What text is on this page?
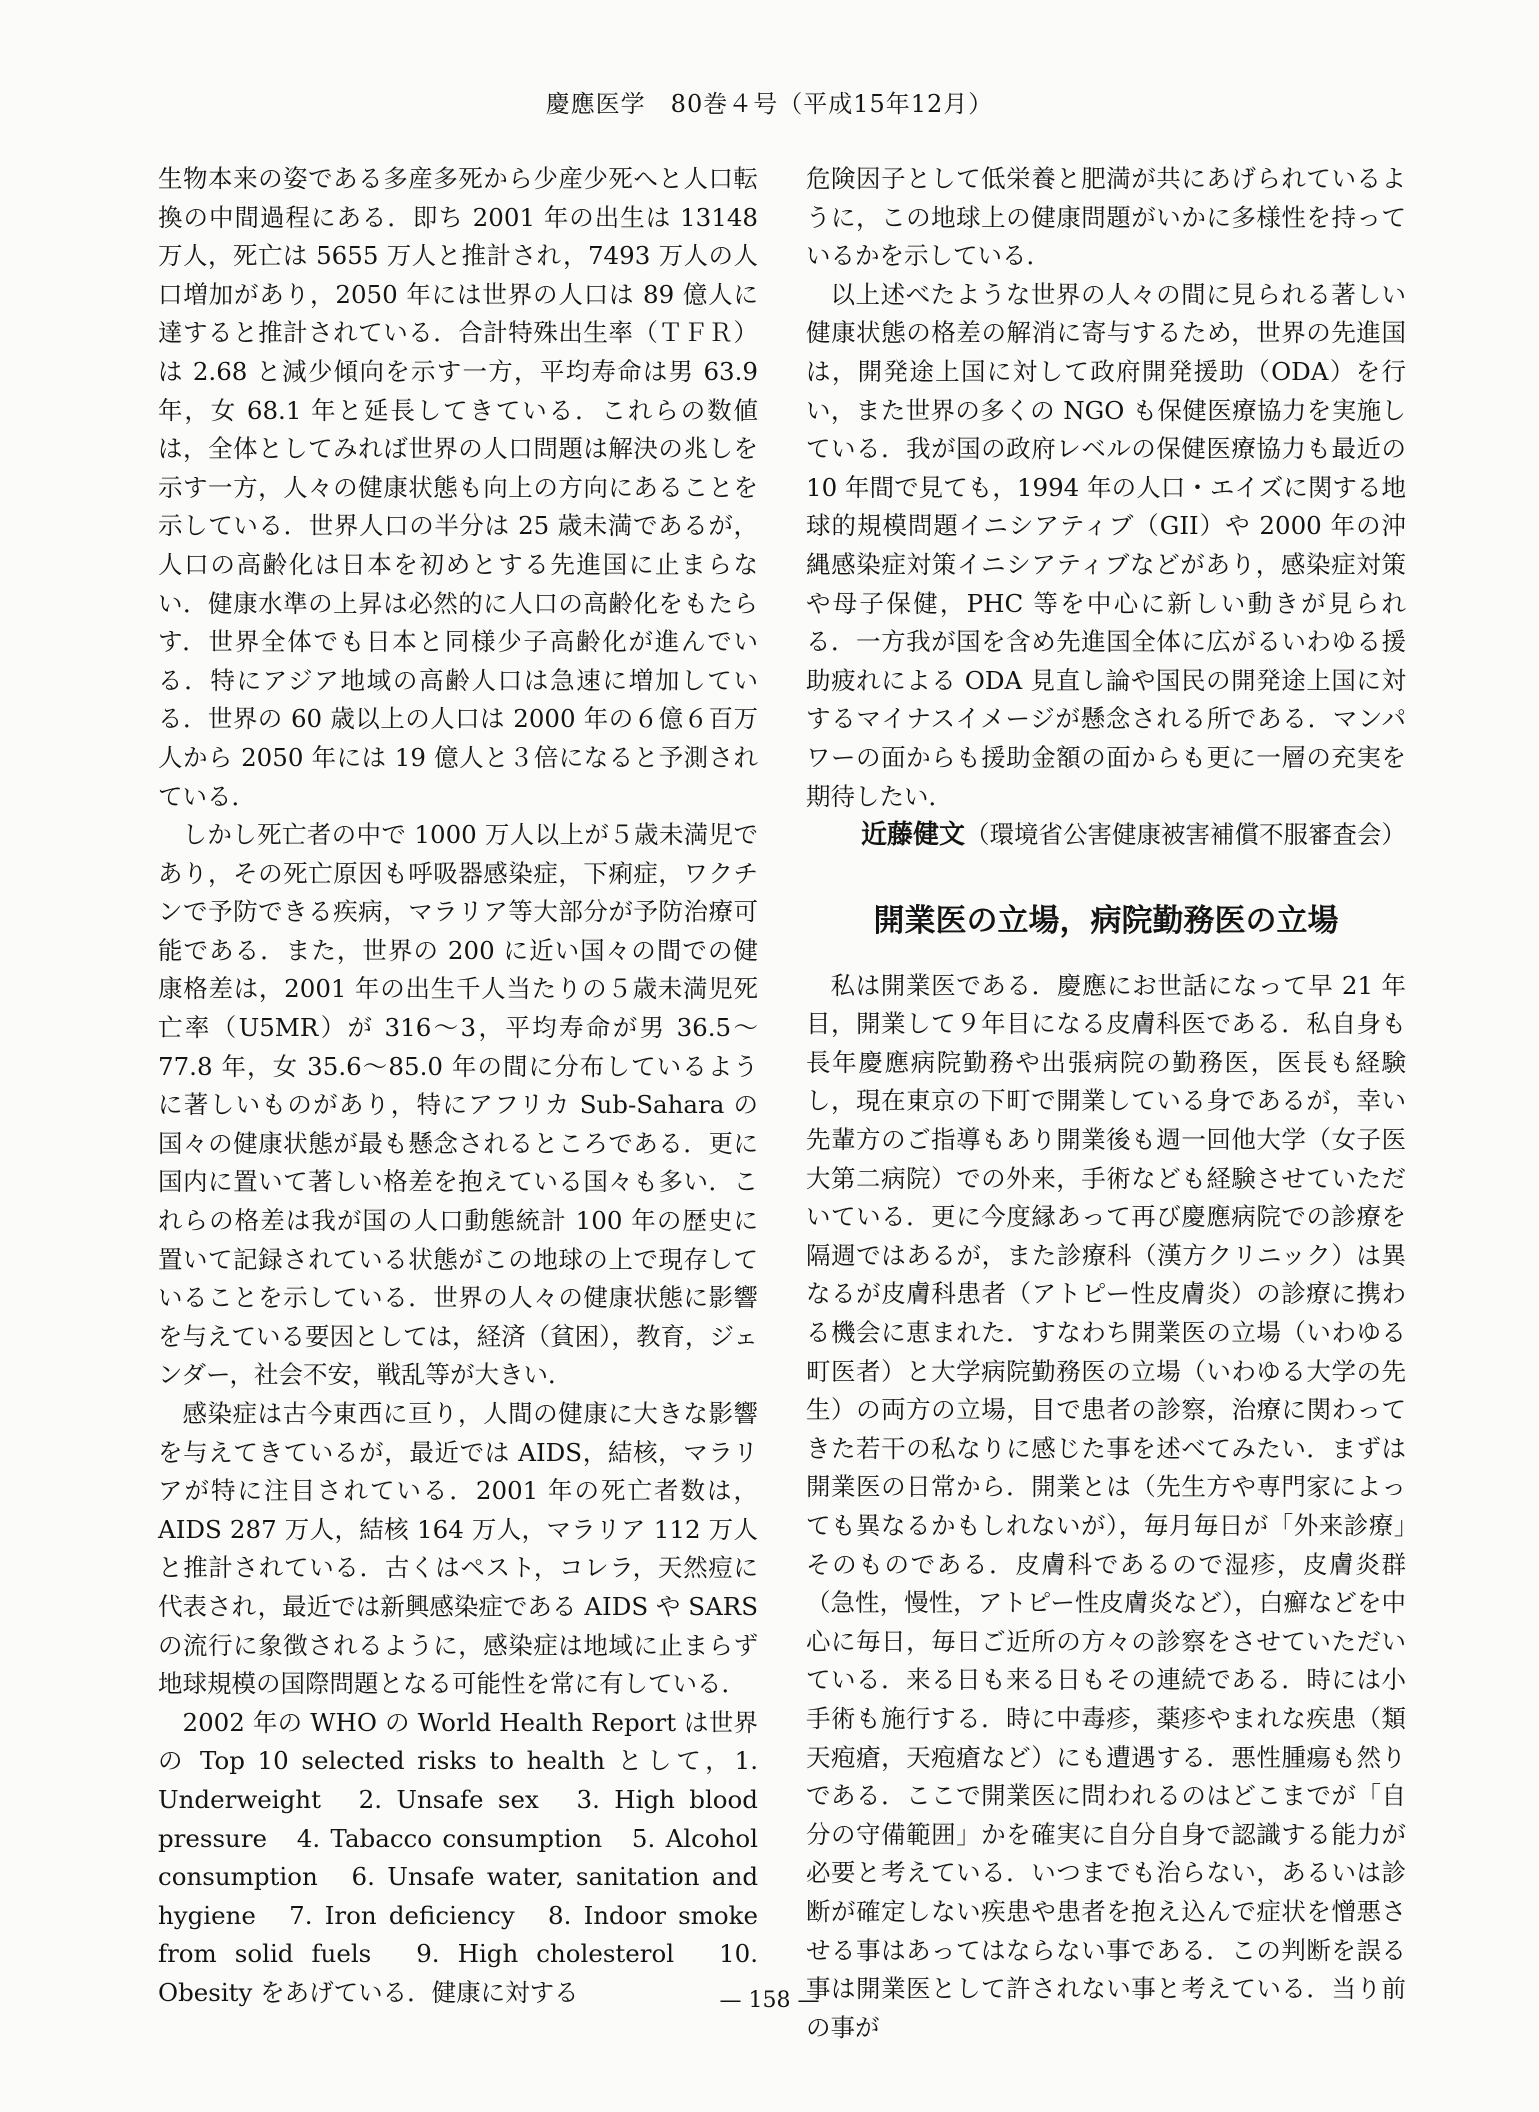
慶應医学　80巻４号（平成15年12月）

生物本来の姿である多産多死から少産少死へと人口転換の中間過程にある．即ち 2001 年の出生は 13148 万人，死亡は 5655 万人と推計され，7493 万人の人口増加があり，2050 年には世界の人口は 89 億人に達すると推計されている．合計特殊出生率（ＴＦＲ）は 2.68 と減少傾向を示す一方，平均寿命は男 63.9 年，女 68.1 年と延長してきている．これらの数値は，全体としてみれば世界の人口問題は解決の兆しを示す一方，人々の健康状態も向上の方向にあることを示している．世界人口の半分は 25 歳未満であるが，人口の高齢化は日本を初めとする先進国に止まらない．健康水準の上昇は必然的に人口の高齢化をもたらす．世界全体でも日本と同様少子高齢化が進んでいる．特にアジア地域の高齢人口は急速に増加している．世界の 60 歳以上の人口は 2000 年の６億６百万人から 2050 年には 19 億人と３倍になると予測されている．

しかし死亡者の中で 1000 万人以上が５歳未満児であり，その死亡原因も呼吸器感染症，下痢症，ワクチンで予防できる疾病，マラリア等大部分が予防治療可能である．また，世界の 200 に近い国々の間での健康格差は，2001 年の出生千人当たりの５歳未満児死亡率（U5MR）が 316〜3，平均寿命が男 36.5〜77.8 年，女 35.6〜85.0 年の間に分布しているように著しいものがあり，特にアフリカ Sub-Sahara の国々の健康状態が最も懸念されるところである．更に国内に置いて著しい格差を抱えている国々も多い．これらの格差は我が国の人口動態統計 100 年の歴史に置いて記録されている状態がこの地球の上で現存していることを示している．世界の人々の健康状態に影響を与えている要因としては，経済（貧困），教育，ジェンダー，社会不安，戦乱等が大きい．

感染症は古今東西に亘り，人間の健康に大きな影響を与えてきているが，最近では AIDS，結核，マラリアが特に注目されている．2001 年の死亡者数は，AIDS 287 万人，結核 164 万人，マラリア 112 万人と推計されている．古くはペスト，コレラ，天然痘に代表され，最近では新興感染症である AIDS や SARS の流行に象徴されるように，感染症は地域に止まらず地球規模の国際問題となる可能性を常に有している．

2002 年の WHO の World Health Report は世界の Top 10 selected risks to health として，1. Underweight　2. Unsafe sex　3. High blood pressure　4. Tabacco consumption　5. Alcohol consumption　6. Unsafe water, sanitation and hygiene　7. Iron deficiency　8. Indoor smoke from solid fuels　9. High cholesterol　10. Obesity をあげている．健康に対する

危険因子として低栄養と肥満が共にあげられているように，この地球上の健康問題がいかに多様性を持っているかを示している．

以上述べたような世界の人々の間に見られる著しい健康状態の格差の解消に寄与するため，世界の先進国は，開発途上国に対して政府開発援助（ODA）を行い，また世界の多くの NGO も保健医療協力を実施している．我が国の政府レベルの保健医療協力も最近の 10 年間で見ても，1994 年の人口・エイズに関する地球的規模問題イニシアティブ（GII）や 2000 年の沖縄感染症対策イニシアティブなどがあり，感染症対策や母子保健，PHC 等を中心に新しい動きが見られる．一方我が国を含め先進国全体に広がるいわゆる援助疲れによる ODA 見直し論や国民の開発途上国に対するマイナスイメージが懸念される所である．マンパワーの面からも援助金額の面からも更に一層の充実を期待したい．

近藤健文（環境省公害健康被害補償不服審査会）

開業医の立場，病院勤務医の立場

私は開業医である．慶應にお世話になって早 21 年目，開業して９年目になる皮膚科医である．私自身も長年慶應病院勤務や出張病院の勤務医，医長も経験し，現在東京の下町で開業している身であるが，幸い先輩方のご指導もあり開業後も週一回他大学（女子医大第二病院）での外来，手術なども経験させていただいている．更に今度縁あって再び慶應病院での診療を隔週ではあるが，また診療科（漢方クリニック）は異なるが皮膚科患者（アトピー性皮膚炎）の診療に携わる機会に恵まれた．すなわち開業医の立場（いわゆる町医者）と大学病院勤務医の立場（いわゆる大学の先生）の両方の立場，目で患者の診察，治療に関わってきた若干の私なりに感じた事を述べてみたい．まずは開業医の日常から．開業とは（先生方や専門家によっても異なるかもしれないが），毎月毎日が「外来診療」そのものである．皮膚科であるので湿疹，皮膚炎群（急性，慢性，アトピー性皮膚炎など），白癬などを中心に毎日，毎日ご近所の方々の診察をさせていただいている．来る日も来る日もその連続である．時には小手術も施行する．時に中毒疹，薬疹やまれな疾患（類天疱瘡，天疱瘡など）にも遭遇する．悪性腫瘍も然りである．ここで開業医に問われるのはどこまでが「自分の守備範囲」かを確実に自分自身で認識する能力が必要と考えている．いつまでも治らない，あるいは診断が確定しない疾患や患者を抱え込んで症状を憎悪させる事はあってはならない事である．この判断を誤る事は開業医として許されない事と考えている．当り前の事が

— 158 —
